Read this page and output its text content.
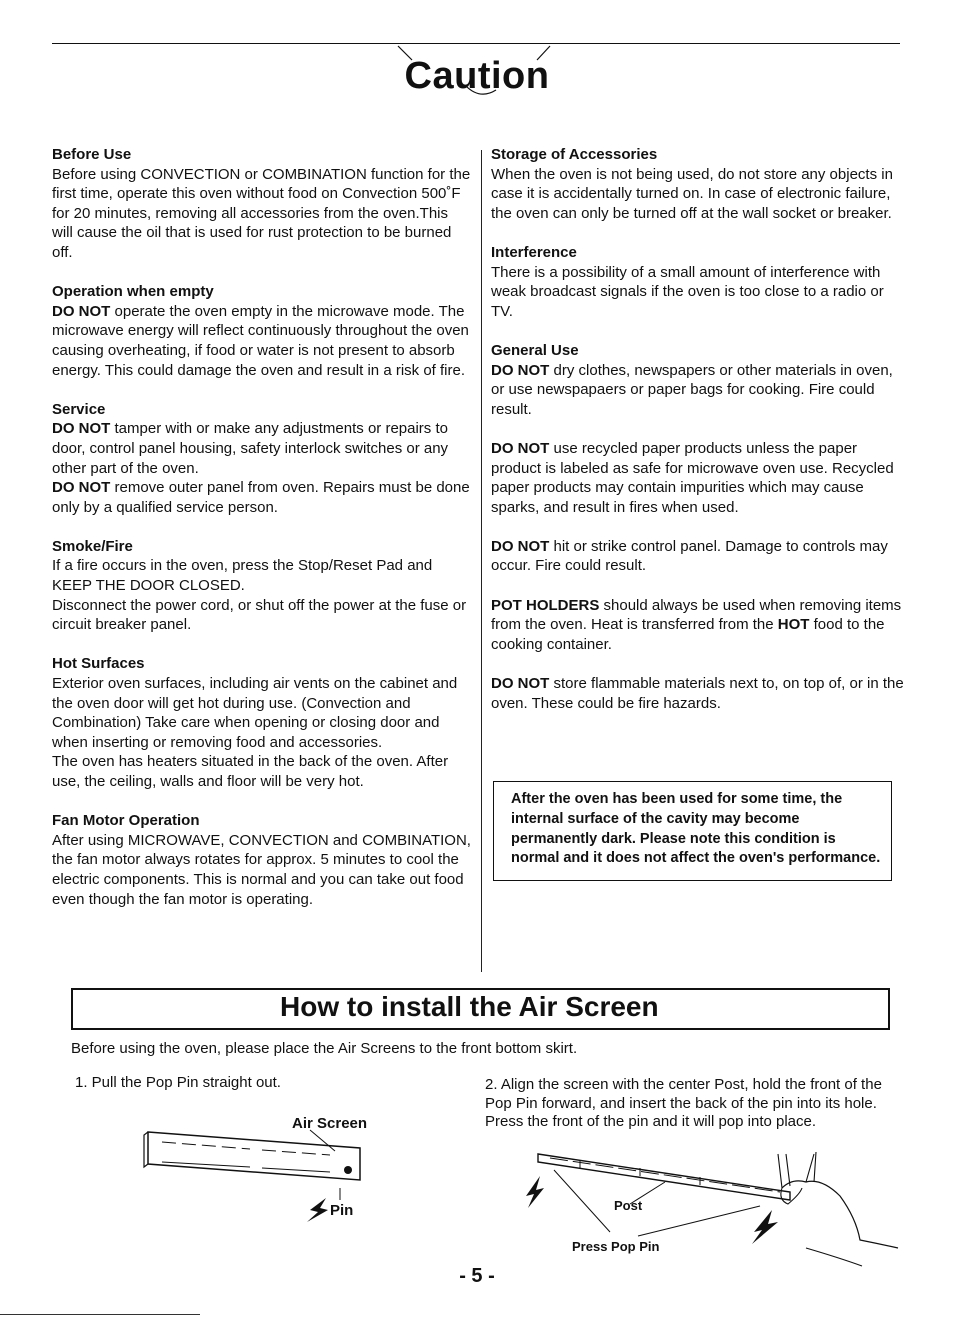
Caution
Before Use
Before using CONVECTION or COMBINATION function for the first time, operate this oven without food on Convection 500˚F for 20 minutes, removing all accessories from the oven.This will cause the oil that is used for rust protection to be burned off.
Operation when empty
DO NOT operate the oven empty in the microwave mode. The microwave energy will reflect continuously throughout the oven causing overheating, if food or water is not present to absorb energy. This could damage the oven and result in a risk of fire.
Service
DO NOT tamper with or make any adjustments or repairs to door, control panel housing, safety interlock switches or any other part of the oven.
DO NOT remove outer panel from oven. Repairs must be done only by a qualified service person.
Smoke/Fire
If a fire occurs in the oven, press the Stop/Reset Pad and KEEP THE DOOR CLOSED.
Disconnect the power cord, or shut off the power at the fuse or circuit breaker panel.
Hot Surfaces
Exterior oven surfaces, including air vents on the cabinet and the oven door will get hot during use. (Convection and Combination) Take care when opening or closing door and when inserting or removing food and accessories.
The oven has heaters situated in the back of the oven. After use, the ceiling, walls and floor will be very hot.
Fan Motor Operation
After using MICROWAVE, CONVECTION and COMBINATION, the fan motor always rotates for approx. 5 minutes to cool the electric components. This is normal and you can take out food even though the fan motor is operating.
Storage of Accessories
When the oven is not being used, do not store any objects in case it is accidentally turned on. In case of electronic failure, the oven can only be turned off at the wall socket or breaker.
Interference
There is a possibility of a small amount of interference with weak broadcast signals if the oven is too close to a radio or TV.
General Use
DO NOT dry clothes, newspapers or other materials in oven, or use newspapaers or paper bags for cooking. Fire could result.
DO NOT use recycled paper products unless the paper product is labeled as safe for microwave oven use. Recycled paper products may contain impurities which may cause sparks, and result in fires when used.
DO NOT hit or strike control panel. Damage to controls may occur. Fire could result.
POT HOLDERS should always be used when removing items from the oven. Heat is transferred from the HOT food to the cooking container.
DO NOT store flammable materials next to, on top of, or in the oven. These could be fire hazards.
After the oven has been used for some time, the internal surface of the cavity may become permanently dark. Please note this condition is normal and it does not affect the oven's performance.
How to install the Air Screen
Before using the oven, please place the Air Screens to the front bottom skirt.
1. Pull the Pop Pin straight out.	2. Align the screen with the center Post, hold the front of the Pop Pin forward, and insert the back of the pin into its hole. Press the front of the pin and it will pop into place.
Air Screen
Pin	Post
Press Pop Pin
- 5 -
